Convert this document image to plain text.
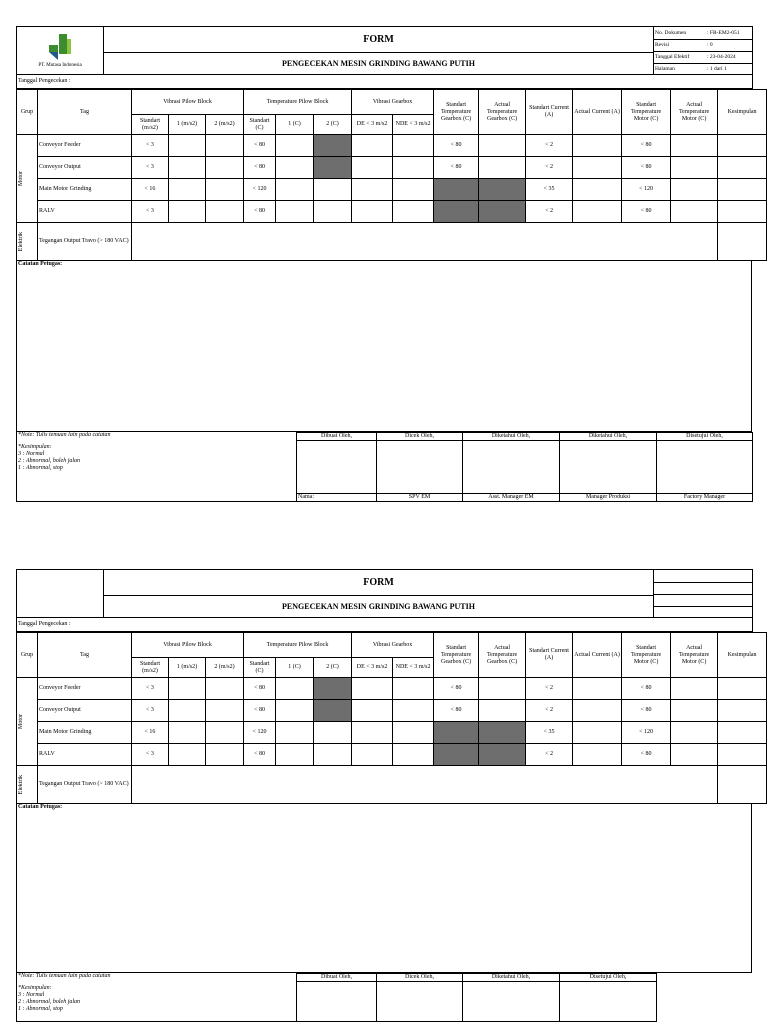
PT. Mutasa Indonesia
	FORM	
No. Dokumen	: FR-EM2-051
Revisi	: 0
Tanggal Efektif	: 23-04-2024
Halaman	: 1 dari 1

PENGECEKAN MESIN GRINDING BAWANG PUTIH
Tanggal Pengecekan :
Grup	Tag	Vibrasi Pilow Block			Temperature Pilow Block			Vibrasi Gearbox		Standart Temperature Gearbox (C)	Actual Temperature Gearbox (C)	Standart Current (A)	Actual Current (A)	Standart Temperature Motor (C)	Actual Temperature Motor (C)	Kesimpulan
		Standart (m/s2)	1 (m/s2)	2 (m/s2)	Standart (C)	1 (C)	2 (C)	DE < 3 m/s2	NDE < 3 m/s2							

Motor	Conveyor Feeder	< 3			< 80					< 80		< 2		< 80		
	Conveyor Output	< 3			< 80					< 80		< 2		< 80		
	Main Motor Grinding	< 16			< 120							< 35		< 120		
	RALV	< 3			< 80							< 2		< 80		

Elektrik	Tegangan Output Travo (> 180 VAC)															
Catatan Petugas:
*Note: Tulis temuan lain pada catatan
*Kesimpulan:
3 : Normal
2 : Abnormal, boleh jalan
1 : Abnormal, stop	Dibuat Oleh,	Dicek Oleh,	Diketahui Oleh,	Diketahui Oleh,	Disetujui Oleh,

	Nama:	SPV EM	Asst. Manager EM	Manager Produksi	Factory Manager
	FORM	

PENGECEKAN MESIN GRINDING BAWANG PUTIH
Tanggal Pengecekan :
Grup	Tag	Vibrasi Pilow Block			Temperature Pilow Block			Vibrasi Gearbox		Standart Temperature Gearbox (C)	Actual Temperature Gearbox (C)	Standart Current (A)	Actual Current (A)	Standart Temperature Motor (C)	Actual Temperature Motor (C)	Kesimpulan
		Standart (m/s2)	1 (m/s2)	2 (m/s2)	Standart (C)	1 (C)	2 (C)	DE < 3 m/s2	NDE < 3 m/s2							

Motor	Conveyor Feeder	< 3			< 80					< 80		< 2		< 80		
	Conveyor Output	< 3			< 80					< 80		< 2		< 80		
	Main Motor Grinding	< 16			< 120							< 35		< 120		
	RALV	< 3			< 80							< 2		< 80		

Elektrik	Tegangan Output Travo (> 180 VAC)															
Catatan Petugas:
*Note: Tulis temuan lain pada catatan
*Kesimpulan:
3 : Normal
2 : Abnormal, boleh jalan
1 : Abnormal, stop	Dibuat Oleh,	Dicek Oleh,	Diketahui Oleh,	Disetujui Oleh,	
